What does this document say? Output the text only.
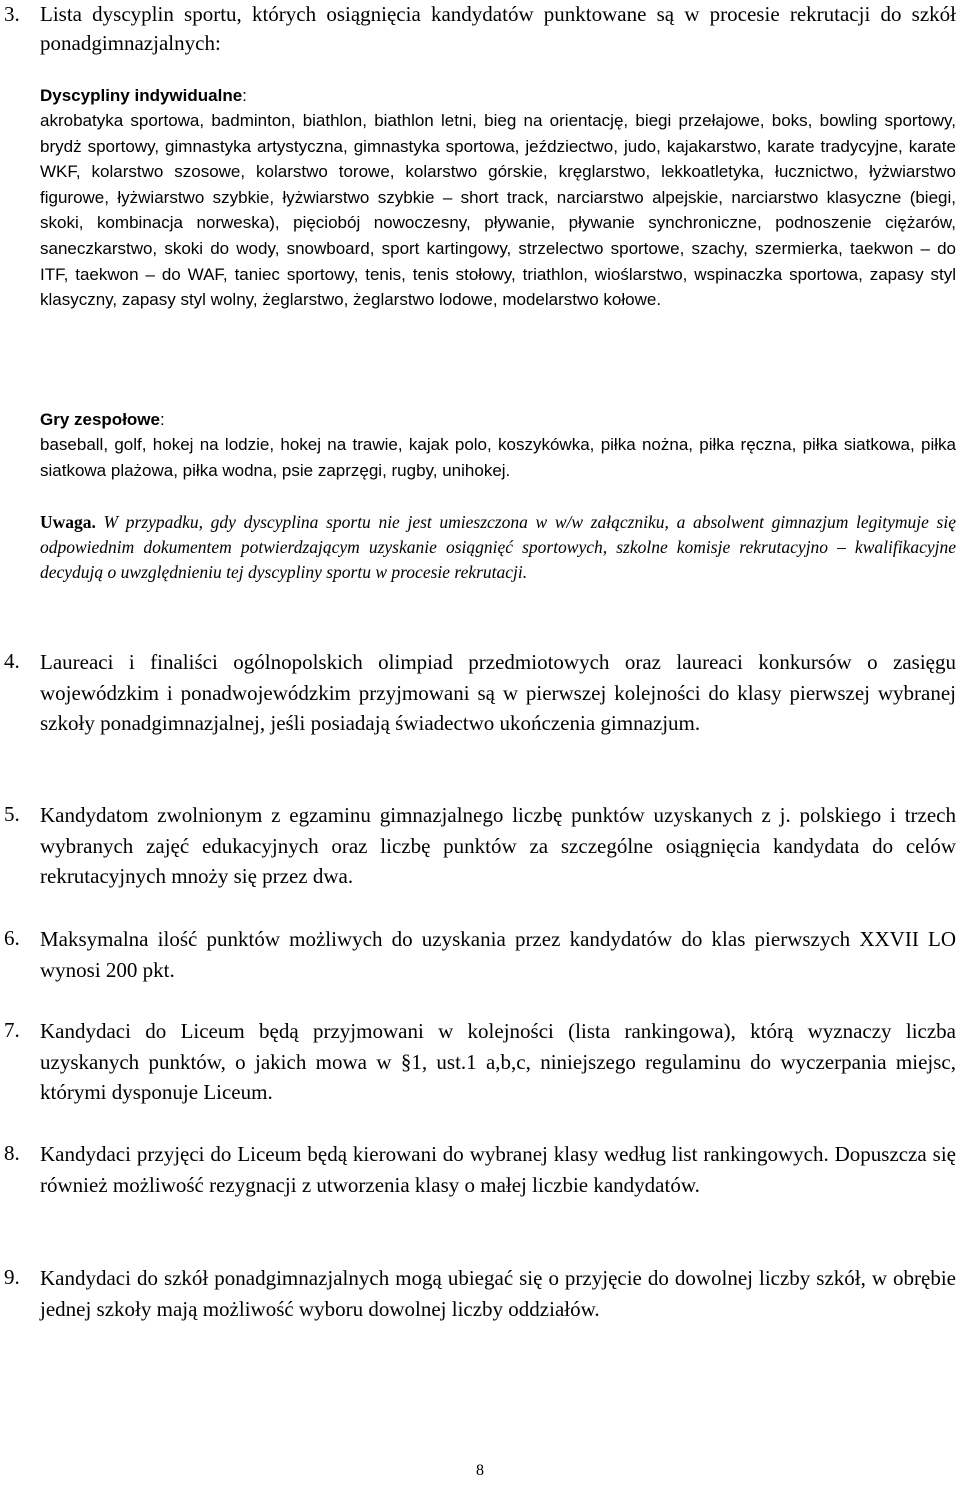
3. Lista dyscyplin sportu, których osiągnięcia kandydatów punktowane są w procesie rekrutacji do szkół ponadgimnazjalnych:
Dyscypliny indywidualne:
akrobatyka sportowa, badminton, biathlon, biathlon letni, bieg na orientację, biegi przełajowe, boks, bowling sportowy, brydż sportowy, gimnastyka artystyczna, gimnastyka sportowa, jeździectwo, judo, kajakarstwo, karate tradycyjne, karate WKF, kolarstwo szosowe, kolarstwo torowe, kolarstwo górskie, kręglarstwo, lekkoatletyka, łucznictwo, łyżwiarstwo figurowe, łyżwiarstwo szybkie, łyżwiarstwo szybkie – short track, narciarstwo alpejskie, narciarstwo klasyczne (biegi, skoki, kombinacja norweska), pięciobój nowoczesny, pływanie, pływanie synchroniczne, podnoszenie ciężarów, saneczkarstwo, skoki do wody, snowboard, sport kartingowy, strzelectwo sportowe, szachy, szermierka, taekwon – do ITF, taekwon – do WAF, taniec sportowy, tenis, tenis stołowy, triathlon, wioślarstwo, wspinaczka sportowa, zapasy styl klasyczny, zapasy styl wolny, żeglarstwo, żeglarstwo lodowe, modelarstwo kołowe.
Gry zespołowe:
baseball, golf, hokej na lodzie, hokej na trawie, kajak polo, koszykówka, piłka nożna, piłka ręczna, piłka siatkowa, piłka siatkowa plażowa, piłka wodna, psie zaprzęgi, rugby, unihokej.
Uwaga. W przypadku, gdy dyscyplina sportu nie jest umieszczona w w/w załączniku, a absolwent gimnazjum legitymuje się odpowiednim dokumentem potwierdzającym uzyskanie osiągnięć sportowych, szkolne komisje rekrutacyjno – kwalifikacyjne decydują o uwzględnieniu tej dyscypliny sportu w procesie rekrutacji.
4. Laureaci i finaliści ogólnopolskich olimpiad przedmiotowych oraz laureaci konkursów o zasięgu wojewódzkim i ponadwojewódzkim przyjmowani są w pierwszej kolejności do klasy pierwszej wybranej szkoły ponadgimnazjalnej, jeśli posiadają świadectwo ukończenia gimnazjum.
5. Kandydatom zwolnionym z egzaminu gimnazjalnego liczbę punktów uzyskanych z j. polskiego i trzech wybranych zajęć edukacyjnych oraz liczbę punktów za szczególne osiągnięcia kandydata do celów rekrutacyjnych mnoży się przez dwa.
6. Maksymalna ilość punktów możliwych do uzyskania przez kandydatów do klas pierwszych XXVII LO wynosi 200 pkt.
7. Kandydaci do Liceum będą przyjmowani w kolejności (lista rankingowa), którą wyznaczy liczba uzyskanych punktów, o jakich mowa w §1, ust.1 a,b,c, niniejszego regulaminu do wyczerpania miejsc, którymi dysponuje Liceum.
8. Kandydaci przyjęci do Liceum będą kierowani do wybranej klasy według list rankingowych. Dopuszcza się również możliwość rezygnacji z utworzenia klasy o małej liczbie kandydatów.
9. Kandydaci do szkół ponadgimnazjalnych mogą ubiegać się o przyjęcie do dowolnej liczby szkół, w obrębie jednej szkoły mają możliwość wyboru dowolnej liczby oddziałów.
8
